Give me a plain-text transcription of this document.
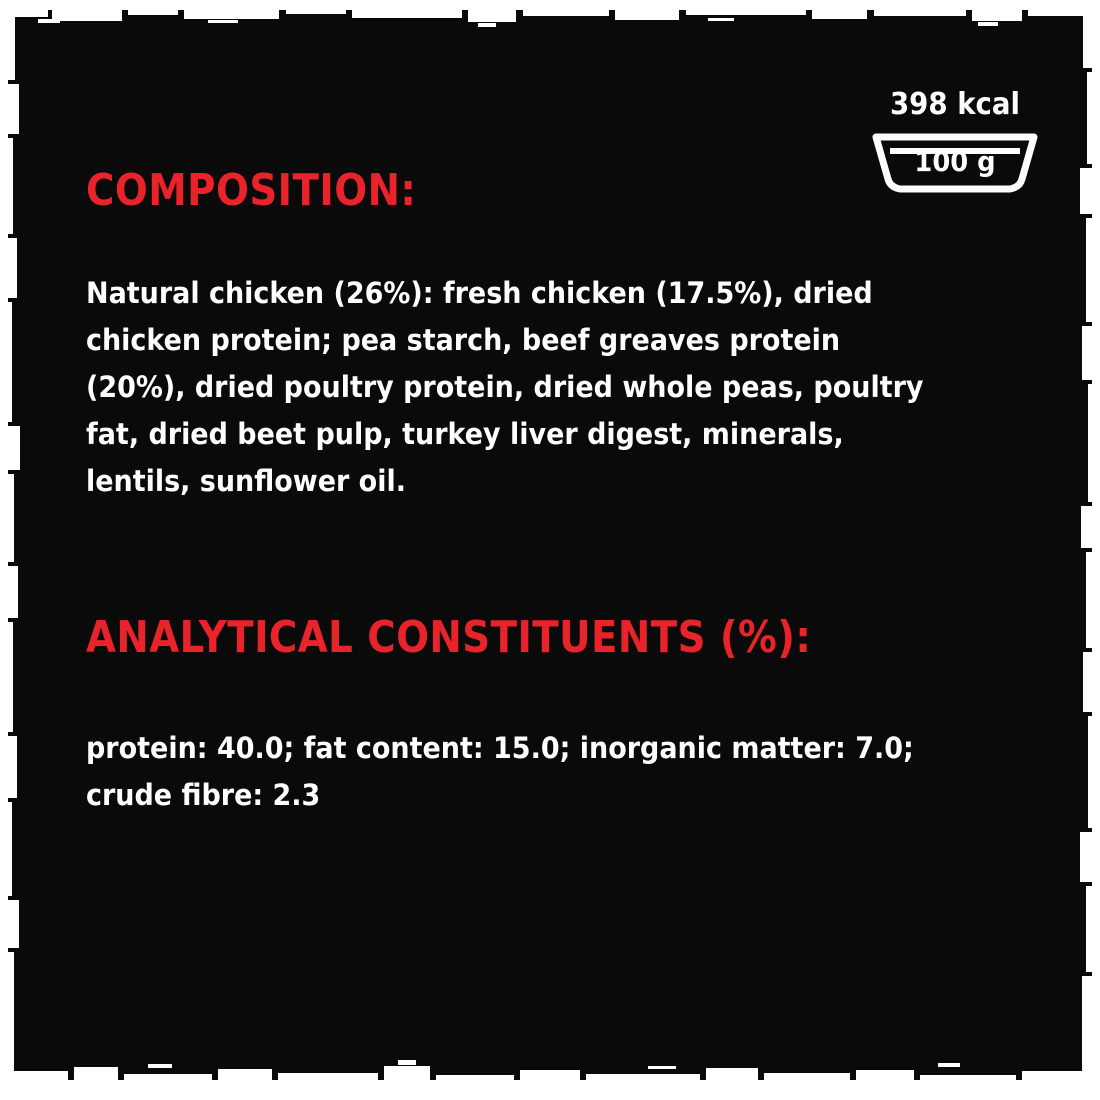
398 kcal
100 g
COMPOSITION:

Natural chicken (26%): fresh chicken (17.5%), dried chicken protein; pea starch, beef greaves protein (20%), dried poultry protein, dried whole peas, poultry fat, dried beet pulp, turkey liver digest, minerals, lentils, sunflower oil.

ANALYTICAL CONSTITUENTS (%):

protein: 40.0; fat content: 15.0; inorganic matter: 7.0; crude fibre: 2.3
